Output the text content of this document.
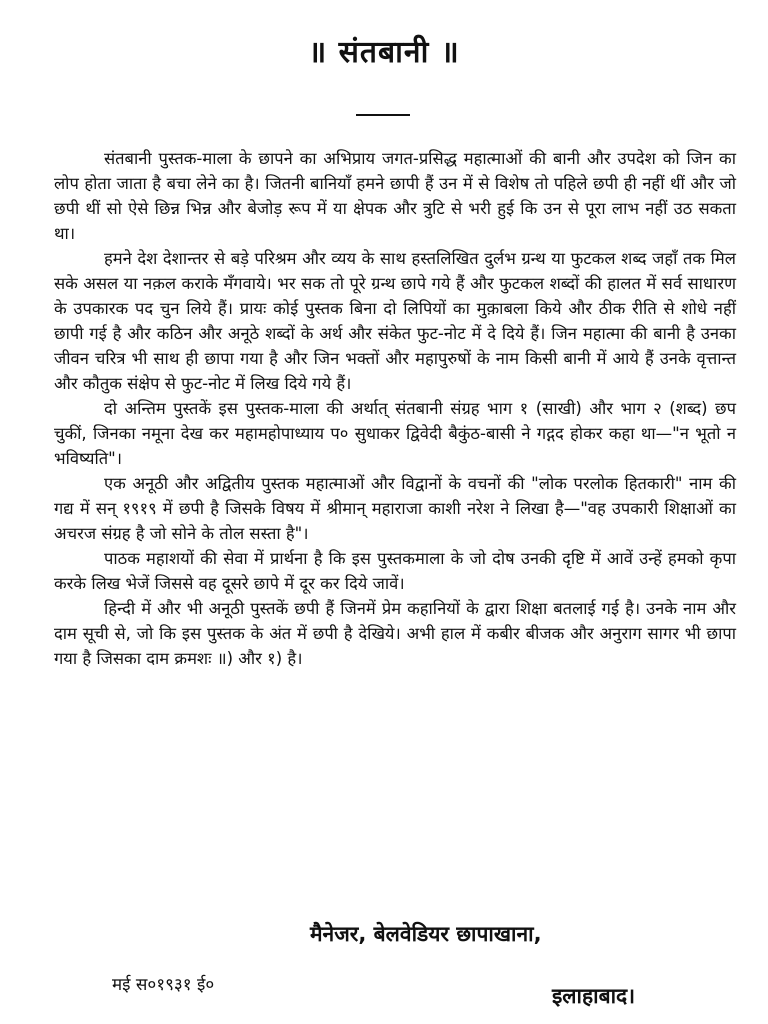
॥ संतबानी ॥

संतबानी पुस्तक-माला के छापने का अभिप्राय जगत-प्रसिद्ध महात्माओं की बानी और उपदेश को जिन का लोप होता जाता है बचा लेने का है। जितनी बानियाँ हमने छापी हैं उन में से विशेष तो पहिले छपी ही नहीं थीं और जो छपी थीं सो ऐसे छिन्न भिन्न और बेजोड़ रूप में या क्षेपक और त्रुटि से भरी हुई कि उन से पूरा लाभ नहीं उठ सकता था।

हमने देश देशान्तर से बड़े परिश्रम और व्यय के साथ हस्तलिखित दुर्लभ ग्रन्थ या फुटकल शब्द जहाँ तक मिल सके असल या नक़ल कराके मँगवाये। भर सक तो पूरे ग्रन्थ छापे गये हैं और फुटकल शब्दों की हालत में सर्व साधारण के उपकारक पद चुन लिये हैं। प्रायः कोई पुस्तक बिना दो लिपियों का मुक़ाबला किये और ठीक रीति से शोधे नहीं छापी गई है और कठिन और अनूठे शब्दों के अर्थ और संकेत फुट-नोट में दे दिये हैं। जिन महात्मा की बानी है उनका जीवन चरित्र भी साथ ही छापा गया है और जिन भक्तों और महापुरुषों के नाम किसी बानी में आये हैं उनके वृत्तान्त और कौतुक संक्षेप से फुट-नोट में लिख दिये गये हैं।

दो अन्तिम पुस्तकें इस पुस्तक-माला की अर्थात् संतबानी संग्रह भाग १ (साखी) और भाग २ (शब्द) छप चुकीं, जिनका नमूना देख कर महामहोपाध्याय प० सुधाकर द्विवेदी बैकुंठ-बासी ने गद्गद होकर कहा था—"न भूतो न भविष्यति"।

एक अनूठी और अद्वितीय पुस्तक महात्माओं और विद्वानों के वचनों की "लोक परलोक हितकारी" नाम की गद्य में सन् १९१९ में छपी है जिसके विषय में श्रीमान् महाराजा काशी नरेश ने लिखा है—"वह उपकारी शिक्षाओं का अचरज संग्रह है जो सोने के तोल सस्ता है"।

पाठक महाशयों की सेवा में प्रार्थना है कि इस पुस्तकमाला के जो दोष उनकी दृष्टि में आवें उन्हें हमको कृपा करके लिख भेजें जिससे वह दूसरे छापे में दूर कर दिये जावें।

हिन्दी में और भी अनूठी पुस्तकें छपी हैं जिनमें प्रेम कहानियों के द्वारा शिक्षा बतलाई गई है। उनके नाम और दाम सूची से, जो कि इस पुस्तक के अंत में छपी है देखिये। अभी हाल में कबीर बीजक और अनुराग सागर भी छापा गया है जिसका दाम क्रमशः ॥) और १) है।

मैनेजर, बेलवेडियर छापाखाना,
मई स०१९३१ ई०	इलाहाबाद।
